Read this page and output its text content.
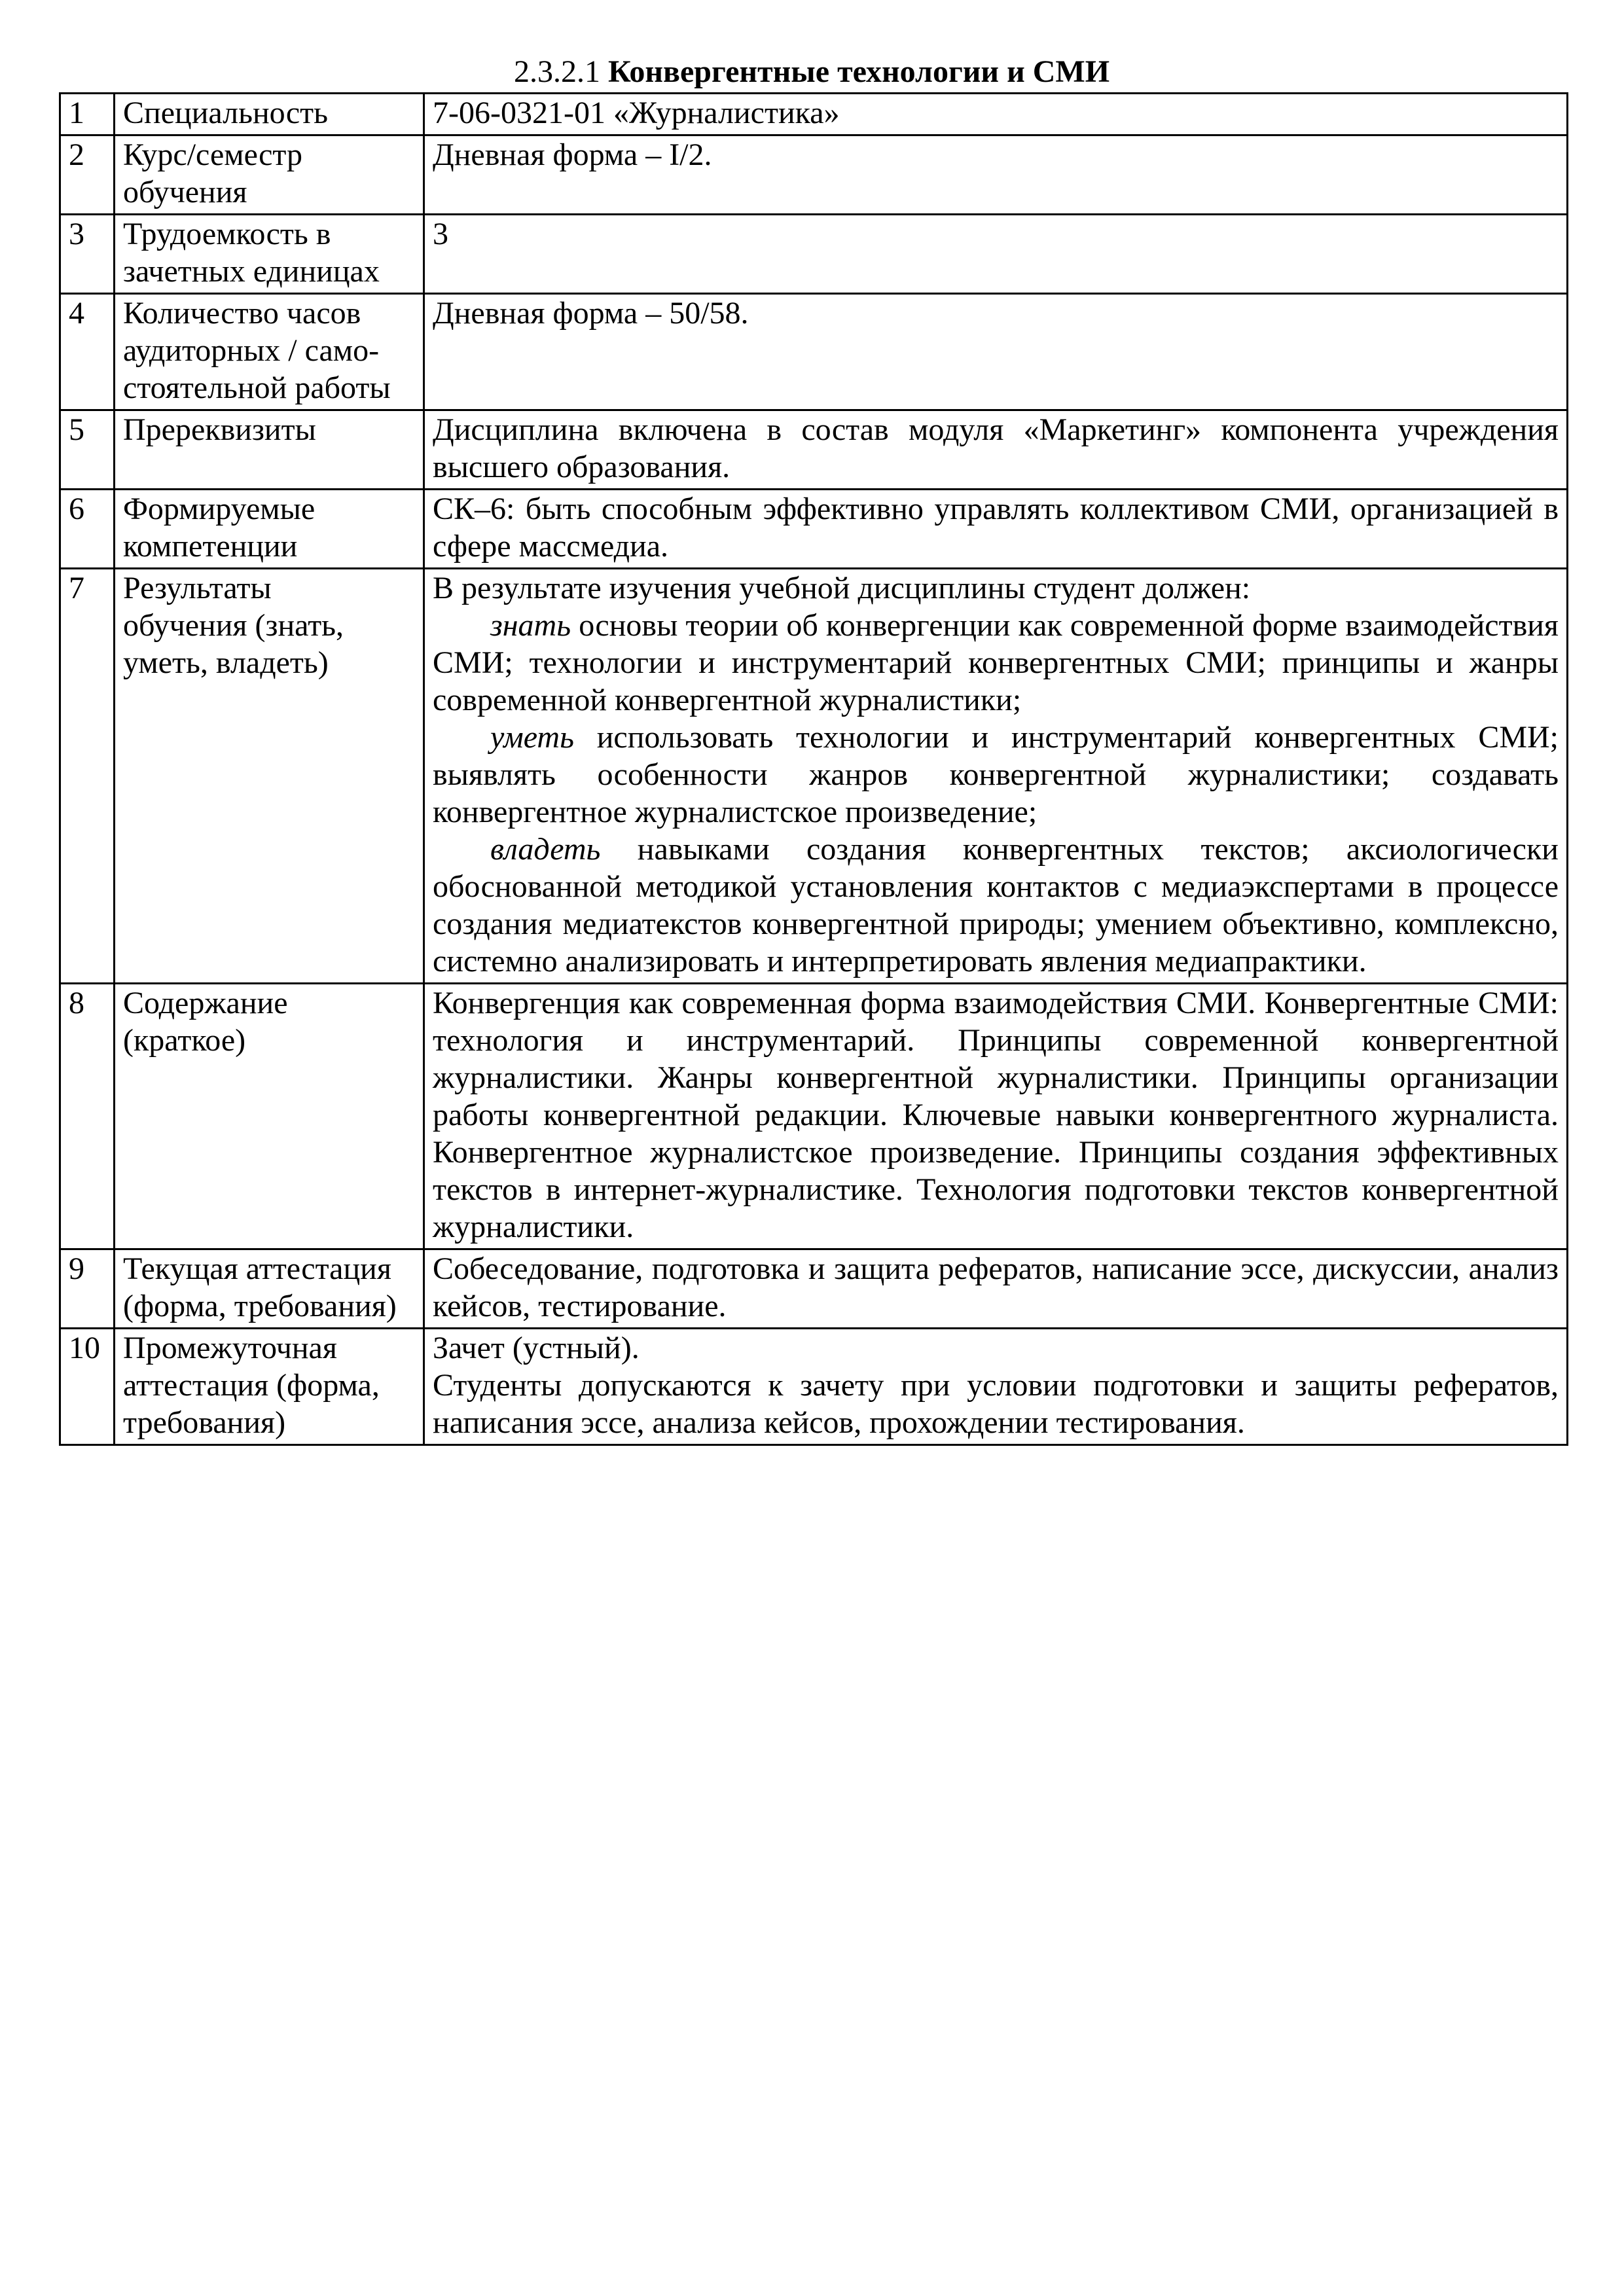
2.3.2.1 Конвергентные технологии и СМИ
1	Специальность	7-06-0321-01 «Журналистика»
2	Курс/семестр обучения	Дневная форма – I/2.
3	Трудоемкость в зачетных единицах	3
4	Количество часов аудиторных / само-стоятельной работы	Дневная форма – 50/58.
5	Пререквизиты	Дисциплина включена в состав модуля «Маркетинг» компонента учреждения высшего образования.
6	Формируемые компетенции	СК–6: быть способным эффективно управлять коллективом СМИ, организацией в сфере массмедиа.
7	Результаты обучения (знать, уметь, владеть)	В результате изучения учебной дисциплины студент должен:
знать основы теории об конвергенции как современной форме взаимодействия СМИ; технологии и инструментарий конвергентных СМИ; принципы и жанры современной конвергентной журналистики;
уметь использовать технологии и инструментарий конвергентных СМИ; выявлять особенности жанров конвергентной журналистики; создавать конвергентное журналистское произведение;
владеть навыками создания конвергентных текстов; аксиологически обоснованной методикой установления контактов с медиаэкспертами в процессе создания медиатекстов конвергентной природы; умением объективно, комплексно, системно анализировать и интерпретировать явления медиапрактики.

8	Содержание (краткое)	Конвергенция как современная форма взаимодействия СМИ. Конвергентные СМИ: технология и инструментарий. Принципы современной конвергентной журналистики. Жанры конвергентной журналистики. Принципы организации работы конвергентной редакции. Ключевые навыки конвергентного журналиста. Конвергентное журналистское произведение. Принципы создания эффективных текстов в интернет-журналистике. Технология подготовки текстов конвергентной журналистики.
9	Текущая аттестация (форма, требования)	Собеседование, подготовка и защита рефератов, написание эссе, дискуссии, анализ кейсов, тестирование.
10	Промежуточная аттестация (форма, требования)	Зачет (устный).
Студенты допускаются к зачету при условии подготовки и защиты рефератов, написания эссе, анализа кейсов, прохождении тестирования.
